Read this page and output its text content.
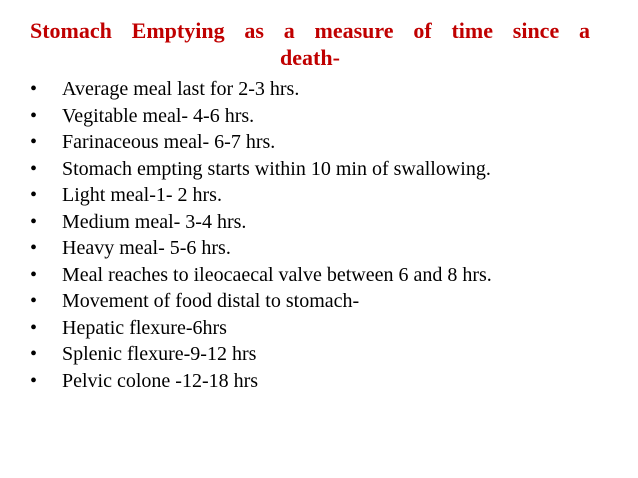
Stomach Emptying as a measure of time since a death-
•	Average meal last for 2-3 hrs.
•	Vegitable meal- 4-6 hrs.
•	Farinaceous meal- 6-7 hrs.
•	Stomach empting starts within 10 min of swallowing.
•	Light meal-1- 2 hrs.
•	Medium meal- 3-4 hrs.
•	Heavy meal- 5-6 hrs.
•	Meal reaches to ileocaecal valve between 6 and 8 hrs.
•	Movement of food distal to stomach-
•	Hepatic flexure-6hrs
•	Splenic flexure-9-12 hrs
•	Pelvic colone -12-18 hrs
